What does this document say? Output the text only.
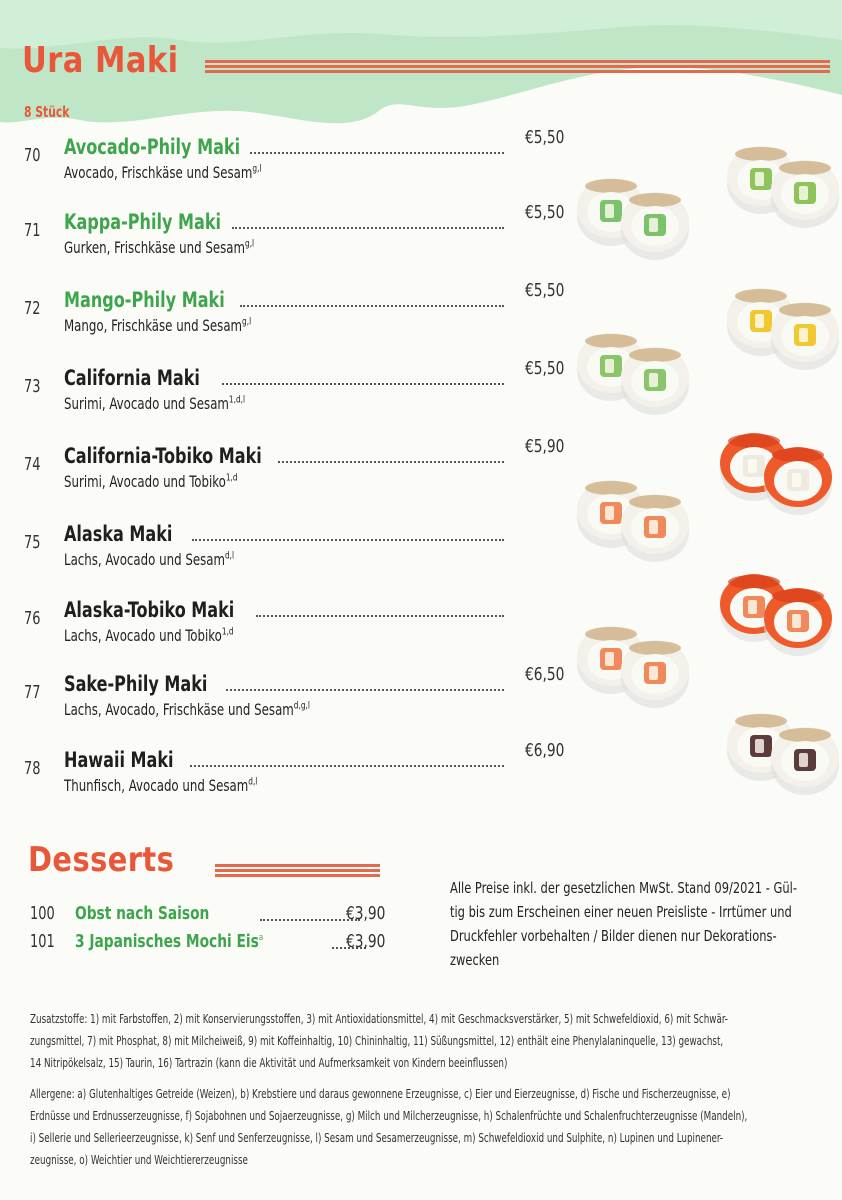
Ura Maki
8 Stück
70 Avocado-Phily Maki	€5,50
Avocado, Frischkäse und Sesam$^{g,l}$
71 Kappa-Phily Maki	€5,50
Gurken, Frischkäse und Sesam$^{g,l}$
72 Mango-Phily Maki	€5,50
Mango, Frischkäse und Sesam$^{g,l}$
73 California Maki	€5,50
Surimi, Avocado und Sesam$^{1,d,l}$
74 California-Tobiko Maki	€5,90
Surimi, Avocado und Tobiko$^{1,d}$
75 Alaska Maki
Lachs, Avocado und Sesam$^{d,l}$
76 Alaska-Tobiko Maki
Lachs, Avocado und Tobiko$^{1,d}$
77 Sake-Phily Maki	€6,50
Lachs, Avocado, Frischkäse und Sesam$^{d,g,l}$
78 Hawaii Maki	€6,90
Thunfisch, Avocado und Sesam$^{d,l}$
Desserts
100 Obst nach Saison	€3,90
101 3 Japanisches Mochi Eis$^a$	€3,90
Alle Preise inkl. der gesetzlichen MwSt. Stand 09/2021 - Gül-
tig bis zum Erscheinen einer neuen Preisliste - Irrtümer und
Druckfehler vorbehalten / Bilder dienen nur Dekorations-
zwecken
Zusatzstoffe: 1) mit Farbstoffen, 2) mit Konservierungsstoffen, 3) mit Antioxidationsmittel, 4) mit Geschmacksverstärker, 5) mit Schwefeldioxid, 6) mit Schwär-
zungsmittel, 7) mit Phosphat, 8) mit Milcheiweiß, 9) mit Koffeinhaltig, 10) Chininhaltig, 11) Süßungsmittel, 12) enthält eine Phenylalaninquelle, 13) gewachst,
14 Nitripökelsalz, 15) Taurin, 16) Tartrazin (kann die Aktivität und Aufmerksamkeit von Kindern beeinflussen)
Allergene: a) Glutenhaltiges Getreide (Weizen), b) Krebstiere und daraus gewonnene Erzeugnisse, c) Eier und Eierzeugnisse, d) Fische und Fischerzeugnisse, e)
Erdnüsse und Erdnusserzeugnisse, f) Sojabohnen und Sojaerzeugnisse, g) Milch und Milcherzeugnisse, h) Schalenfrüchte und Schalenfruchterzeugnisse (Mandeln),
i) Sellerie und Sellerieerzeugnisse, k) Senf und Senferzeugnisse, l) Sesam und Sesamerzeugnisse, m) Schwefeldioxid und Sulphite, n) Lupinen und Lupinener-
zeugnisse, o) Weichtier und Weichtiererzeugnisse
